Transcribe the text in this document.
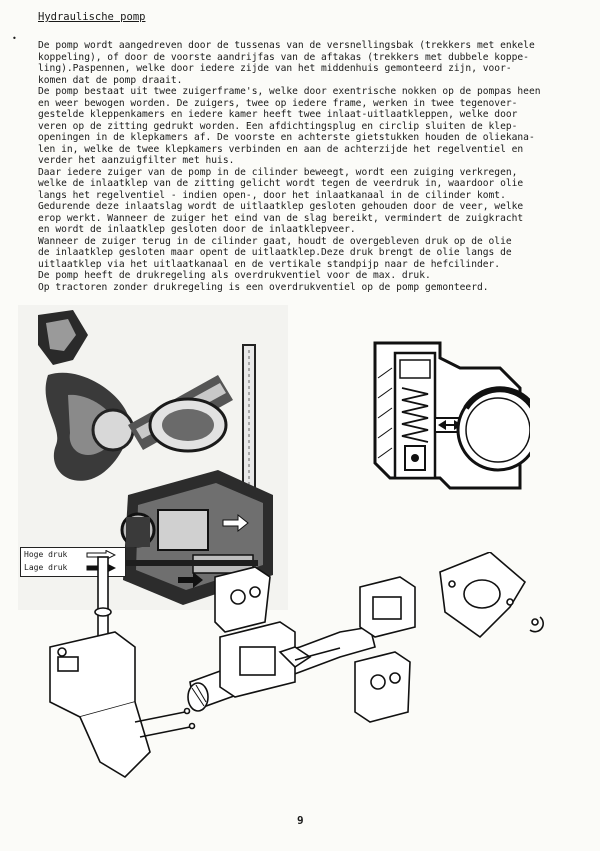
•
Hydraulische pomp
De pomp wordt aangedreven door de tussenas van de versnellingsbak (trekkers met enkele
koppeling), of door de voorste aandrijfas van de aftakas (trekkers met dubbele koppe-
ling).Paspennen, welke door iedere zijde van het middenhuis gemonteerd zijn, voor-
komen dat de pomp draait.
De pomp bestaat uit twee zuigerframe's, welke door exentrische nokken op de pompas heen
en weer bewogen worden. De zuigers, twee op iedere frame, werken in twee tegenover-
gestelde kleppenkamers en iedere kamer heeft twee inlaat-uitlaatkleppen, welke door
veren op de zitting gedrukt worden. Een afdichtingsplug en circlip sluiten de klep-
openingen in de klepkamers af. De voorste en achterste gietstukken houden de oliekana-
len in, welke de twee klepkamers verbinden en aan de achterzijde het regelventiel en
verder het aanzuigfilter met huis.
Daar iedere zuiger van de pomp in de cilinder beweegt, wordt een zuiging verkregen,
welke de inlaatklep van de zitting gelicht wordt tegen de veerdruk in, waardoor olie
langs het regelventiel - indien open-, door het inlaatkanaal in de cilinder komt.
Gedurende deze inlaatslag wordt de uitlaatklep gesloten gehouden door de veer, welke
erop werkt. Wanneer de zuiger het eind van de slag bereikt, vermindert de zuigkracht
en wordt de inlaatklep gesloten door de inlaatklepveer.
Wanneer de zuiger terug in de cilinder gaat, houdt de overgebleven druk op de olie
de inlaatklep gesloten maar opent de uitlaatklep.Deze druk brengt de olie langs de
uitlaatklep via het uitlaatkanaal en de vertikale standpijp naar de hefcilinder.
De pomp heeft de drukregeling als overdrukventiel voor de max. druk.
Op tractoren zonder drukregeling is een overdrukventiel op de pomp gemonteerd.
Hoge druk
Lage druk
9
